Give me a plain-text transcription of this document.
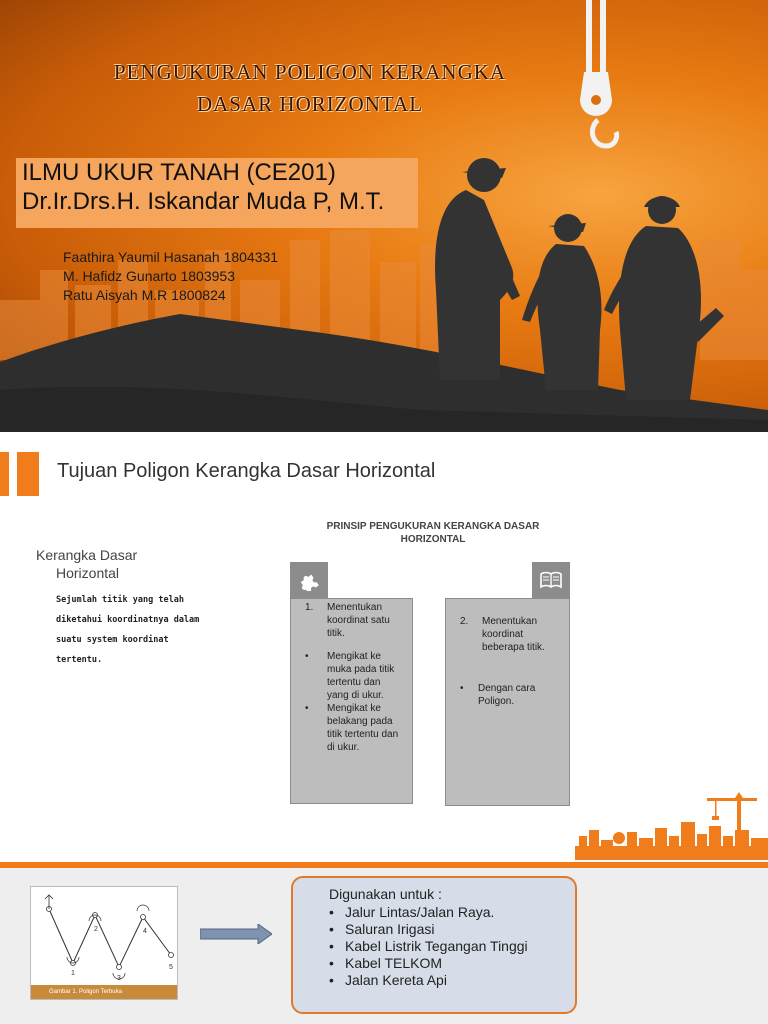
PENGUKURAN POLIGON KERANGKA
DASAR HORIZONTAL
ILMU UKUR TANAH (CE201)
Dr.Ir.Drs.H. Iskandar Muda P, M.T.
Faathira Yaumil Hasanah 1804331
M. Hafidz Gunarto 1803953
Ratu Aisyah M.R 1800824
Tujuan Poligon Kerangka Dasar Horizontal
Kerangka Dasar
Horizontal
Sejumlah titik yang telah
diketahui koordinatnya dalam
suatu system koordinat
tertentu.
PRINSIP PENGUKURAN KERANGKA DASAR HORIZONTAL
1.	Menentukan koordinat satu titik.
•	Mengikat ke muka pada titik tertentu dan yang di ukur.
•	Mengikat ke belakang pada titik tertentu dan di ukur.
2.	Menentukan koordinat beberapa titik.
•	Dengan cara Poligon.
1
2
3
4
5
Gambar 1. Poligon Terbuka
Digunakan untuk :
• Jalur Lintas/Jalan Raya.
• Saluran Irigasi
• Kabel Listrik Tegangan Tinggi
• Kabel TELKOM
• Jalan Kereta Api
